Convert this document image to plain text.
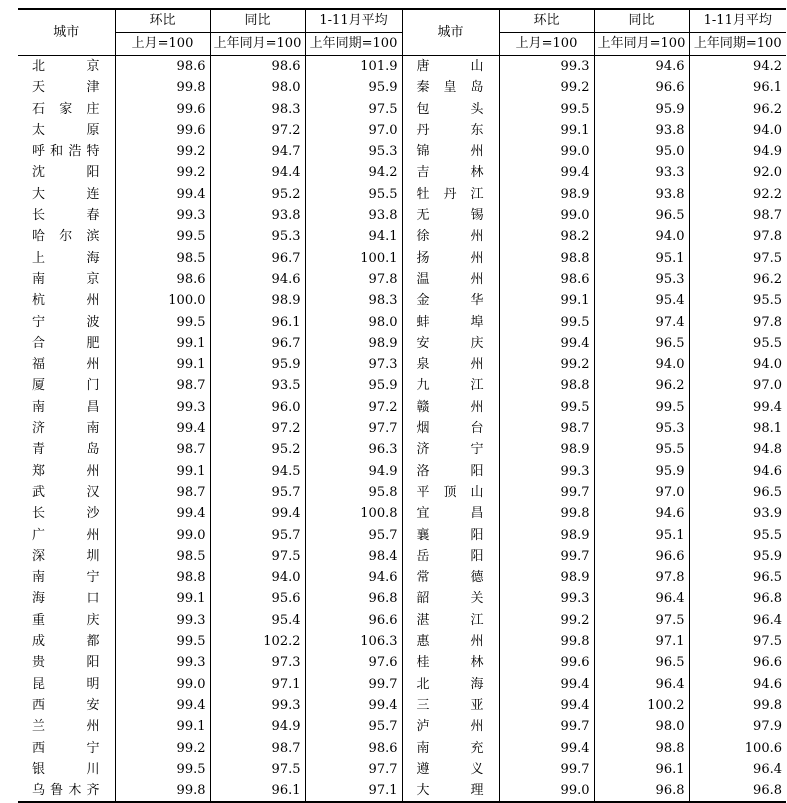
城市	环比	同比	1-11月平均	城市	环比	同比	1-11月平均
	上月=100	上年同月=100	上年同期=100		上月=100	上年同月=100	上年同期=100
北　京	98.6	98.6	101.9	唐　山	99.3	94.6	94.2
天　津	99.8	98.0	95.9	秦皇岛	99.2	96.6	96.1
石家庄	99.6	98.3	97.5	包　头	99.5	95.9	96.2
太　原	99.6	97.2	97.0	丹　东	99.1	93.8	94.0
呼和浩特	99.2	94.7	95.3	锦　州	99.0	95.0	94.9
沈　阳	99.2	94.4	94.2	吉　林	99.4	93.3	92.0
大　连	99.4	95.2	95.5	牡丹江	98.9	93.8	92.2
长　春	99.3	93.8	93.8	无　锡	99.0	96.5	98.7
哈尔滨	99.5	95.3	94.1	徐　州	98.2	94.0	97.8
上　海	98.5	96.7	100.1	扬　州	98.8	95.1	97.5
南　京	98.6	94.6	97.8	温　州	98.6	95.3	96.2
杭　州	100.0	98.9	98.3	金　华	99.1	95.4	95.5
宁　波	99.5	96.1	98.0	蚌　埠	99.5	97.4	97.8
合　肥	99.1	96.7	98.9	安　庆	99.4	96.5	95.5
福　州	99.1	95.9	97.3	泉　州	99.2	94.0	94.0
厦　门	98.7	93.5	95.9	九　江	98.8	96.2	97.0
南　昌	99.3	96.0	97.2	赣　州	99.5	99.5	99.4
济　南	99.4	97.2	97.7	烟　台	98.7	95.3	98.1
青　岛	98.7	95.2	96.3	济　宁	98.9	95.5	94.8
郑　州	99.1	94.5	94.9	洛　阳	99.3	95.9	94.6
武　汉	98.7	95.7	95.8	平顶山	99.7	97.0	96.5
长　沙	99.4	99.4	100.8	宜　昌	99.8	94.6	93.9
广　州	99.0	95.7	95.7	襄　阳	98.9	95.1	95.5
深　圳	98.5	97.5	98.4	岳　阳	99.7	96.6	95.9
南　宁	98.8	94.0	94.6	常　德	98.9	97.8	96.5
海　口	99.1	95.6	96.8	韶　关	99.3	96.4	96.8
重　庆	99.3	95.4	96.6	湛　江	99.2	97.5	96.4
成　都	99.5	102.2	106.3	惠　州	99.8	97.1	97.5
贵　阳	99.3	97.3	97.6	桂　林	99.6	96.5	96.6
昆　明	99.0	97.1	99.7	北　海	99.4	96.4	94.6
西　安	99.4	99.3	99.4	三　亚	99.4	100.2	99.8
兰　州	99.1	94.9	95.7	泸　州	99.7	98.0	97.9
西　宁	99.2	98.7	98.6	南　充	99.4	98.8	100.6
银　川	99.5	97.5	97.7	遵　义	99.7	96.1	96.4
乌鲁木齐	99.8	96.1	97.1	大　理	99.0	96.8	96.8
